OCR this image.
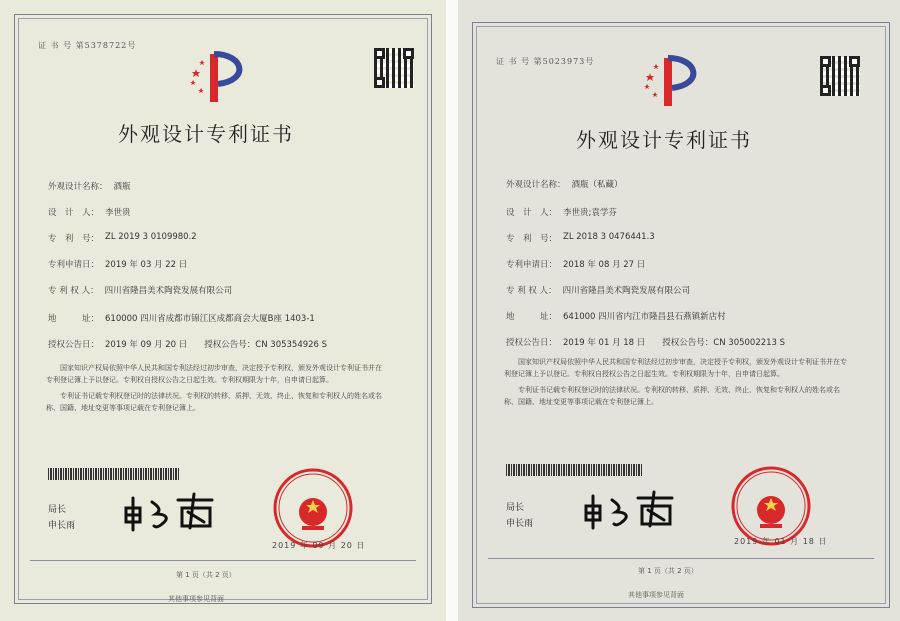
证 书 号 第5378722号
外观设计专利证书
外观设计名称： 酒瓶
设　计　人： 李世贵
专　利　号： ZL 2019 3 0109980.2
专利申请日： 2019 年 03 月 22 日
专 利 权 人： 四川省隆昌美术陶瓷发展有限公司
地　　　址： 610000 四川省成都市锦江区成都商会大厦B座 1403-1
授权公告日： 2019 年 09 月 20 日　　授权公告号：CN 305354926 S

国家知识产权局依照中华人民共和国专利法经过初步审查，决定授予专利权，颁发外观设计专利证书并在专利登记簿上予以登记。专利权自授权公告之日起生效。专利权期限为十年，自申请日起算。

专利证书记载专利权登记时的法律状况。专利权的转移、质押、无效、终止、恢复和专利权人的姓名或名称、国籍、地址变更等事项记载在专利登记簿上。

局长
申长雨
2019 年 09 月 20 日
第 1 页（共 2 页）
其他事项参见背面
证 书 号 第5023973号
外观设计专利证书
外观设计名称： 酒瓶（私藏）
设　计　人： 李世贵;袁学芬
专　利　号： ZL 2018 3 0476441.3
专利申请日： 2018 年 08 月 27 日
专 利 权 人： 四川省隆昌美术陶瓷发展有限公司
地　　　址： 641000 四川省内江市隆昌县石燕镇新店村
授权公告日： 2019 年 01 月 18 日　　授权公告号：CN 305002213 S

国家知识产权局依照中华人民共和国专利法经过初步审查，决定授予专利权，颁发外观设计专利证书并在专利登记簿上予以登记。专利权自授权公告之日起生效。专利权期限为十年，自申请日起算。

专利证书记载专利权登记时的法律状况。专利权的转移、质押、无效、终止、恢复和专利权人的姓名或名称、国籍、地址变更等事项记载在专利登记簿上。

局长
申长雨
2019 年 01 月 18 日
第 1 页（共 2 页）
其他事项参见背面
